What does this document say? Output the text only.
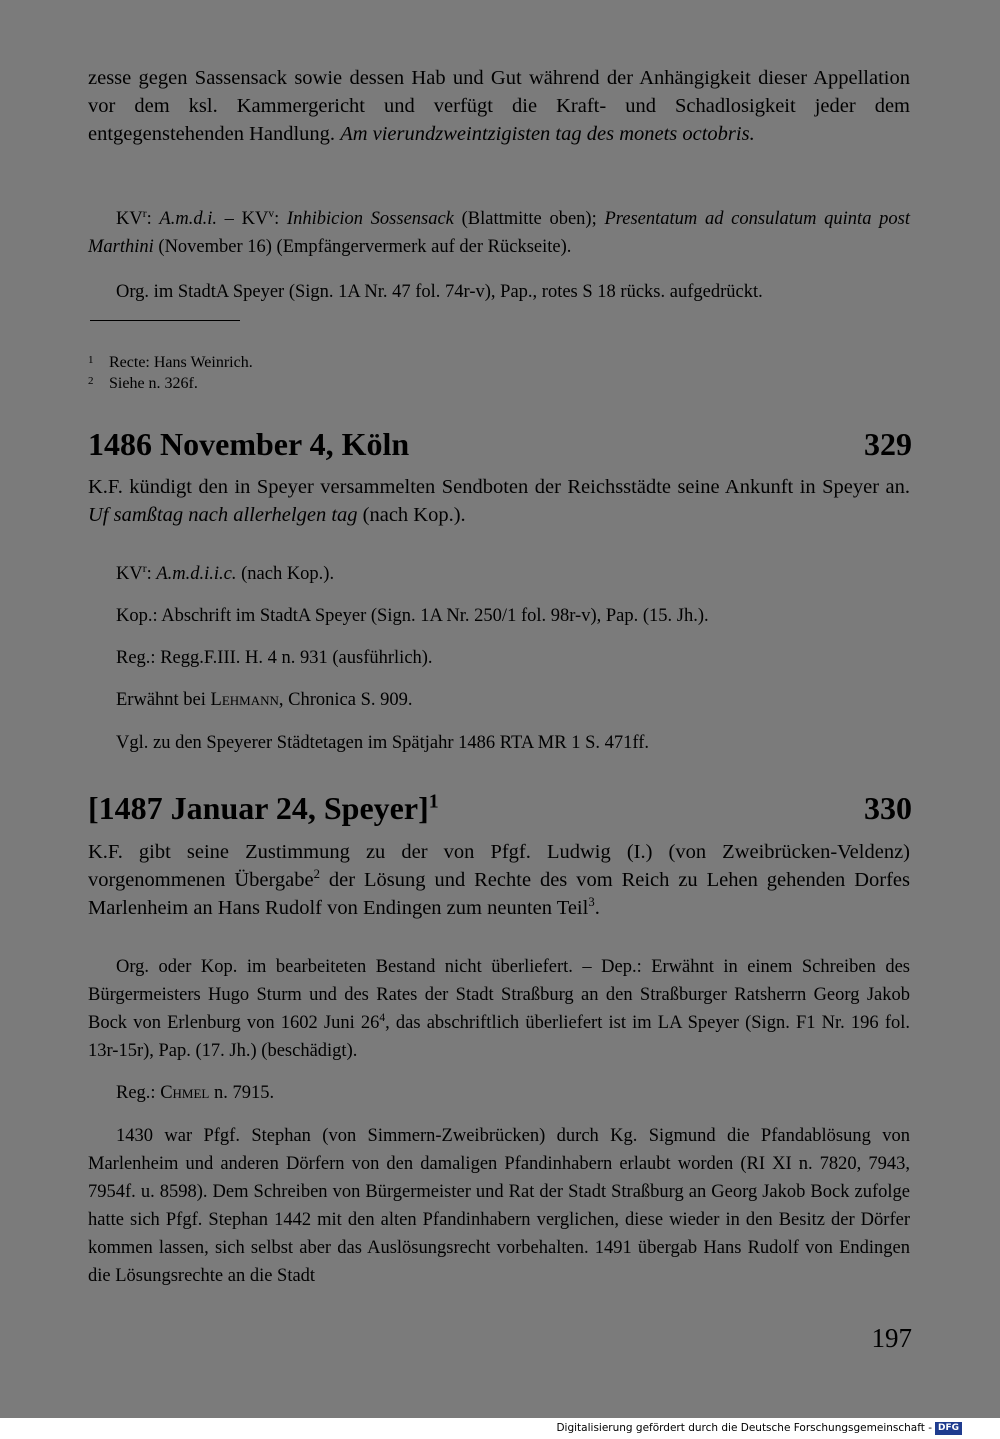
zesse gegen Sassensack sowie dessen Hab und Gut während der Anhängigkeit dieser Appellation vor dem ksl. Kammergericht und verfügt die Kraft- und Schadlosigkeit jeder dem entgegenstehenden Handlung. Am vierundzweintzigisten tag des monets octobris.

$KV^r$: A.m.d.i. – $KV^v$: Inhibicion Sossensack (Blattmitte oben); Presentatum ad consulatum quinta post Marthini (November 16) (Empfängervermerk auf der Rückseite).

Org. im StadtA Speyer (Sign. 1A Nr. 47 fol. 74r-v), Pap., rotes S 18 rücks. aufgedrückt.

1 Recte: Hans Weinrich.

2 Siehe n. 326f.

1486 November 4, Köln	329

K.F. kündigt den in Speyer versammelten Sendboten der Reichsstädte seine Ankunft in Speyer an. Uf samßtag nach allerhelgen tag (nach Kop.).

$KV^r$: A.m.d.i.i.c. (nach Kop.).

Kop.: Abschrift im StadtA Speyer (Sign. 1A Nr. 250/1 fol. 98r-v), Pap. (15. Jh.).

Reg.: Regg.F.III. H. 4 n. 931 (ausführlich).

Erwähnt bei Lehmann, Chronica S. 909.

Vgl. zu den Speyerer Städtetagen im Spätjahr 1486 RTA MR 1 S. 471ff.

[1487 Januar 24, Speyer]$^1$	330

K.F. gibt seine Zustimmung zu der von Pfgf. Ludwig (I.) (von Zweibrücken-Veldenz) vorgenommenen Übergabe$^2$ der Lösung und Rechte des vom Reich zu Lehen gehenden Dorfes Marlenheim an Hans Rudolf von Endingen zum neunten Teil$^3$.

Org. oder Kop. im bearbeiteten Bestand nicht überliefert. – Dep.: Erwähnt in einem Schreiben des Bürgermeisters Hugo Sturm und des Rates der Stadt Straßburg an den Straßburger Ratsherrn Georg Jakob Bock von Erlenburg von 1602 Juni $26^4$, das abschriftlich überliefert ist im LA Speyer (Sign. F1 Nr. 196 fol. 13r-15r), Pap. (17. Jh.) (beschädigt).

Reg.: Chmel n. 7915.

1430 war Pfgf. Stephan (von Simmern-Zweibrücken) durch Kg. Sigmund die Pfandablösung von Marlenheim und anderen Dörfern von den damaligen Pfandinhabern erlaubt worden (RI XI n. 7820, 7943, 7954f. u. 8598). Dem Schreiben von Bürgermeister und Rat der Stadt Straßburg an Georg Jakob Bock zufolge hatte sich Pfgf. Stephan 1442 mit den alten Pfandinhabern verglichen, diese wieder in den Besitz der Dörfer kommen lassen, sich selbst aber das Auslösungsrecht vorbehalten. 1491 übergab Hans Rudolf von Endingen die Lösungsrechte an die Stadt

197
Digitalisierung gefördert durch die Deutsche Forschungsgemeinschaft - DFG
